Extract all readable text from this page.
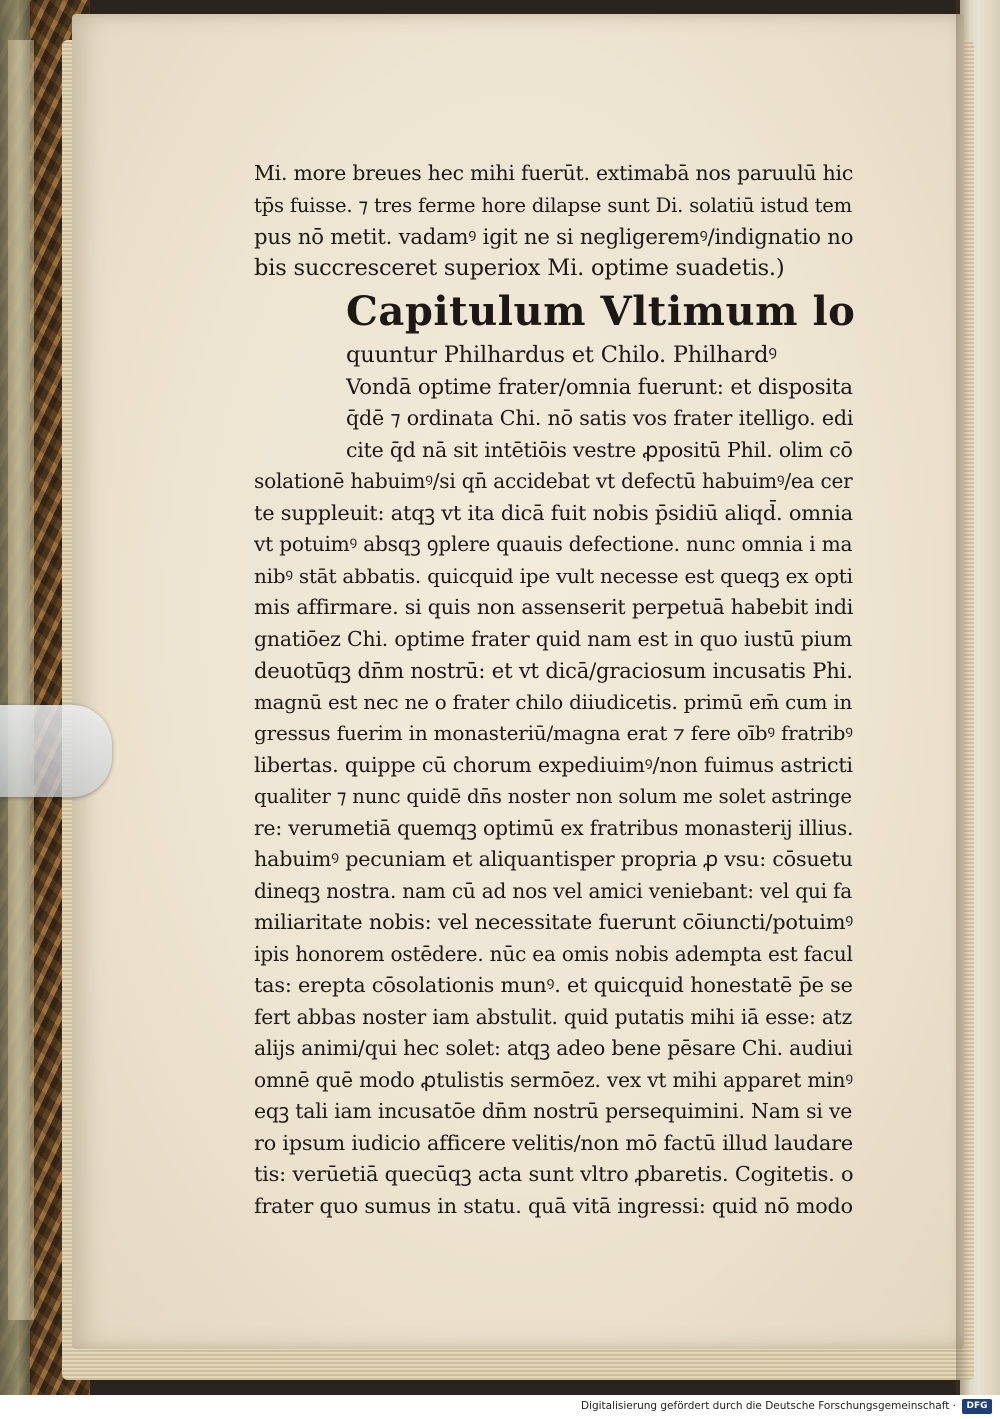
Mi. more breues hec mihi fuerūt. extimabā nos paruulū hic
tp̄s fuisse. ⁊ tres ferme hore dilapse sunt Di. solatiū istud tem
pus nō metit. vadamꝰ igit ne si negligeremꝰ/indignatio no
bis succresceret superiox Mi. optime suadetis.)
Capitulum Vltimum lo
quuntur Philhardus et Chilo. Philhardꝰ
Vondā optime frater/omnia fuerunt: et disposita
q̄dē ⁊ ordinata Chi. nō satis vos frater itelligo. edi
cite q̄d nā sit intētiōis vestre ꝓpositū Phil. olim cō
solationē habuimꝰ/si qn̄ accidebat vt defectū habuimꝰ/ea cer
te suppleuit: atqꝫ vt ita dicā fuit nobis p̄sidiū aliqd̄. omnia
vt potuimꝰ absqꝫ ꝯplere quauis defectione. nunc omnia i ma
nibꝰ stāt abbatis. quicquid ipe vult necesse est queqꝫ ex opti
mis affirmare. si quis non assenserit perpetuā habebit indi
gnatiōez Chi. optime frater quid nam est in quo iustū pium
deuotūqꝫ dn̄m nostrū: et vt dicā/graciosum incusatis Phi.
magnū est nec ne o frater chilo diiudicetis. primū em̄ cum in
gressus fuerim in monasteriū/magna erat ⁊ fere oībꝰ fratribꝰ
libertas. quippe cū chorum expediuimꝰ/non fuimus astricti
qualiter ⁊ nunc quidē dn̄s noster non solum me solet astringe
re: verumetiā quemqꝫ optimū ex fratribus monasterij illius.
habuimꝰ pecuniam et aliquantisper propria ꝓ vsu: cōsuetu
dineqꝫ nostra. nam cū ad nos vel amici veniebant: vel qui fa
miliaritate nobis: vel necessitate fuerunt cōiuncti/potuimꝰ
ipis honorem ostēdere. nūc ea omis nobis adempta est facul
tas: erepta cōsolationis munꝰ. et quicquid honestatē p̄e se
fert abbas noster iam abstulit. quid putatis mihi iā esse: atz
alijs animi/qui hec solet: atqꝫ adeo bene pēsare Chi. audiui
omnē quē modo ꝓtulistis sermōez. vex vt mihi apparet minꝰ
eqꝫ tali iam incusatōe dn̄m nostrū persequimini. Nam si ve
ro ipsum iudicio afficere velitis/non mō factū illud laudare
tis: verūetiā quecūqꝫ acta sunt vltro ꝓbaretis. Cogitetis. o
frater quo sumus in statu. quā vitā ingressi: quid nō modo
Digitalisierung gefördert durch die Deutsche Forschungsgemeinschaft ·	DFG
